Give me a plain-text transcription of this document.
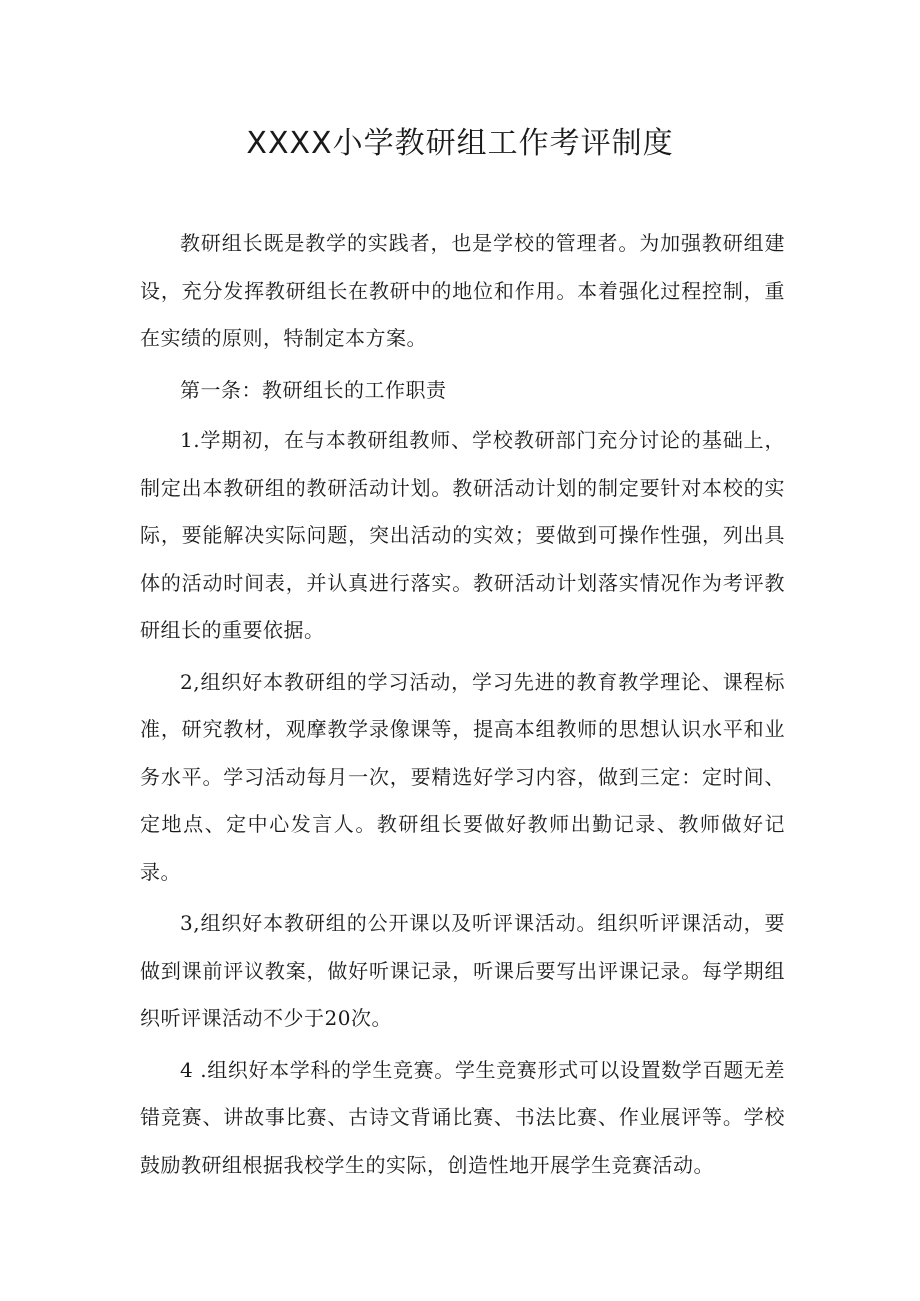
XXXX小学教研组工作考评制度

教研组长既是教学的实践者，也是学校的管理者。为加强教研组建设，充分发挥教研组长在教研中的地位和作用。本着强化过程控制，重在实绩的原则，特制定本方案。

第一条：教研组长的工作职责

1.学期初，在与本教研组教师、学校教研部门充分讨论的基础上，制定出本教研组的教研活动计划。教研活动计划的制定要针对本校的实际，要能解决实际问题，突出活动的实效；要做到可操作性强，列出具体的活动时间表，并认真进行落实。教研活动计划落实情况作为考评教研组长的重要依据。

2,组织好本教研组的学习活动，学习先进的教育教学理论、课程标准，研究教材，观摩教学录像课等，提高本组教师的思想认识水平和业务水平。学习活动每月一次，要精选好学习内容，做到三定：定时间、定地点、定中心发言人。教研组长要做好教师出勤记录、教师做好记录。

3,组织好本教研组的公开课以及听评课活动。组织听评课活动，要做到课前评议教案，做好听课记录，听课后要写出评课记录。每学期组织听评课活动不少于20次。

4 .组织好本学科的学生竞赛。学生竞赛形式可以设置数学百题无差错竞赛、讲故事比赛、古诗文背诵比赛、书法比赛、作业展评等。学校鼓励教研组根据我校学生的实际，创造性地开展学生竞赛活动。
